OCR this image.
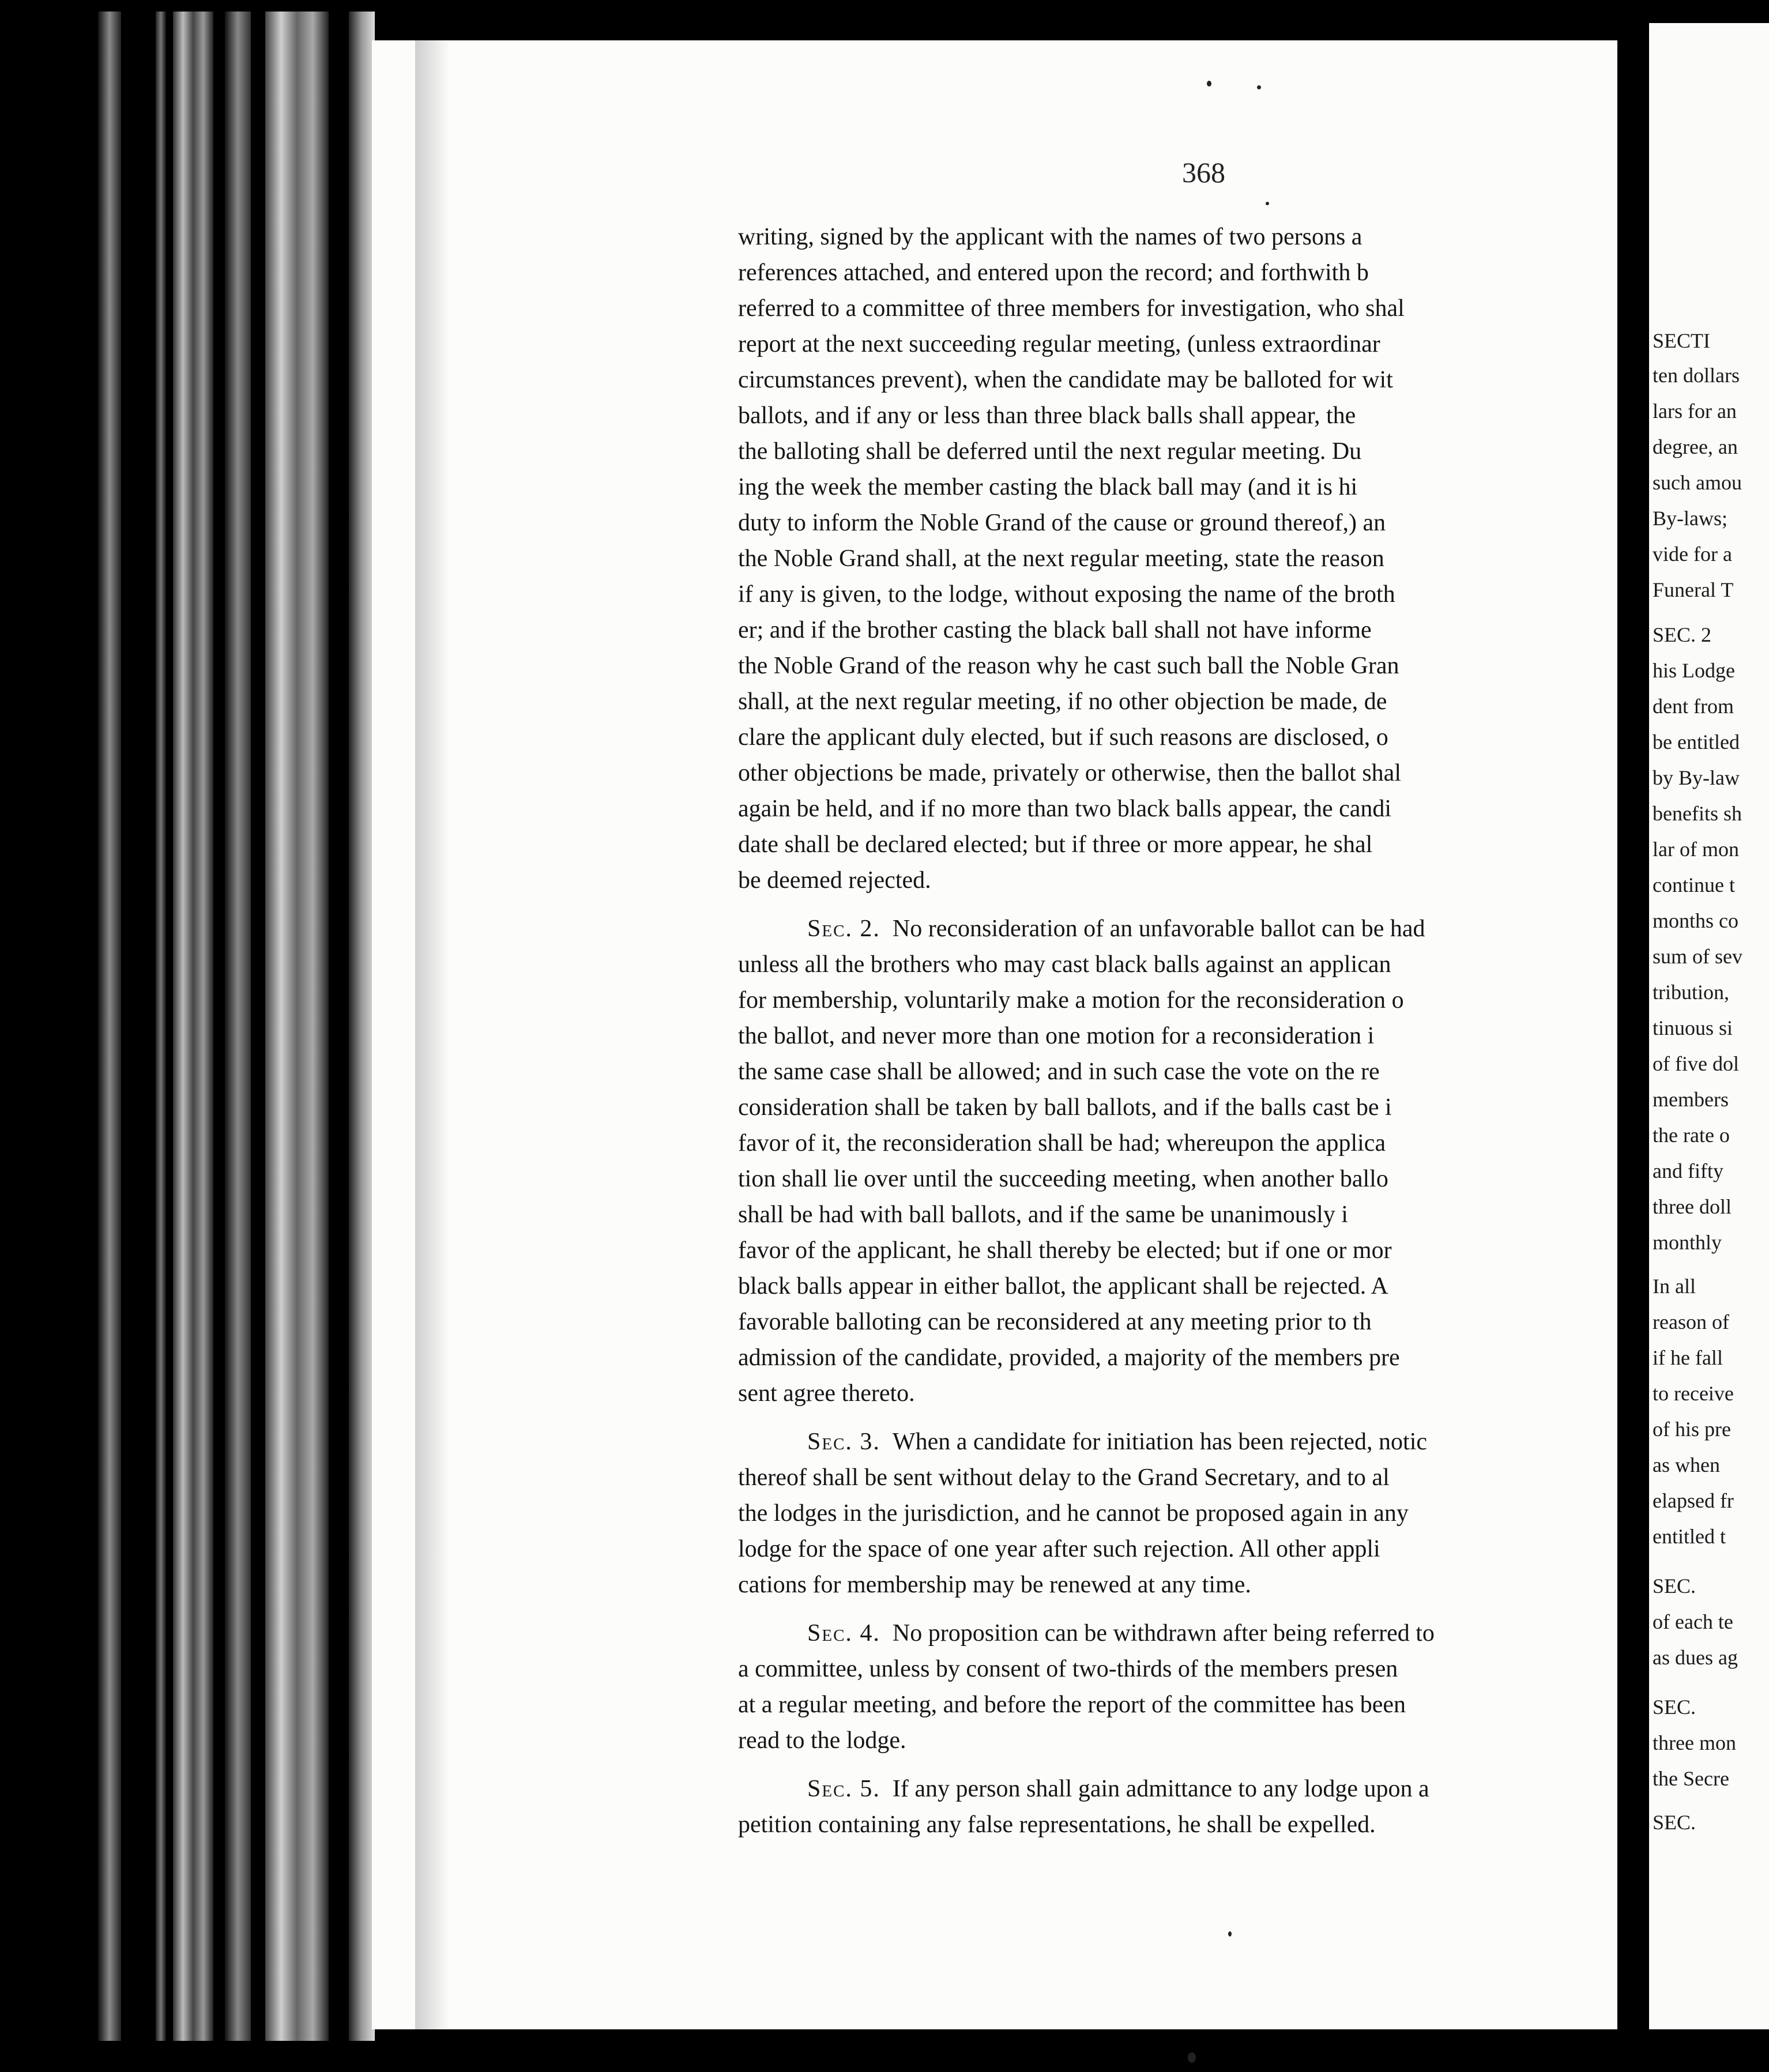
368
writing, signed by the applicant with the names of two persons a
references attached, and entered upon the record; and forthwith b
referred to a committee of three members for investigation, who shal
report at the next succeeding regular meeting, (unless extraordinar
circumstances prevent), when the candidate may be balloted for wit
ballots, and if any or less than three black balls shall appear, the
the balloting shall be deferred until the next regular meeting. Du
ing the week the member casting the black ball may (and it is hi
duty to inform the Noble Grand of the cause or ground thereof,) an
the Noble Grand shall, at the next regular meeting, state the reason
if any is given, to the lodge, without exposing the name of the broth
er; and if the brother casting the black ball shall not have informe
the Noble Grand of the reason why he cast such ball the Noble Gran
shall, at the next regular meeting, if no other objection be made, de
clare the applicant duly elected, but if such reasons are disclosed, o
other objections be made, privately or otherwise, then the ballot shal
again be held, and if no more than two black balls appear, the candi
date shall be declared elected; but if three or more appear, he shal
be deemed rejected.
Sec. 2. No reconsideration of an unfavorable ballot can be had
unless all the brothers who may cast black balls against an applican
for membership, voluntarily make a motion for the reconsideration o
the ballot, and never more than one motion for a reconsideration i
the same case shall be allowed; and in such case the vote on the re
consideration shall be taken by ball ballots, and if the balls cast be i
favor of it, the reconsideration shall be had; whereupon the applica
tion shall lie over until the succeeding meeting, when another ballo
shall be had with ball ballots, and if the same be unanimously i
favor of the applicant, he shall thereby be elected; but if one or mor
black balls appear in either ballot, the applicant shall be rejected. A
favorable balloting can be reconsidered at any meeting prior to th
admission of the candidate, provided, a majority of the members pre
sent agree thereto.
Sec. 3. When a candidate for initiation has been rejected, notic
thereof shall be sent without delay to the Grand Secretary, and to al
the lodges in the jurisdiction, and he cannot be proposed again in any
lodge for the space of one year after such rejection. All other appli
cations for membership may be renewed at any time.
Sec. 4. No proposition can be withdrawn after being referred to
a committee, unless by consent of two-thirds of the members presen
at a regular meeting, and before the report of the committee has been
read to the lodge.
Sec. 5. If any person shall gain admittance to any lodge upon a
petition containing any false representations, he shall be expelled.
SECTI
ten dollars
lars for an
degree, an
such amou
By-laws;
vide for a
Funeral T
SEC. 2
his Lodge
dent from
be entitled
by By-law
benefits sh
lar of mon
continue t
months co
sum of sev
tribution,
tinuous si
of five dol
members
the rate o
and fifty
three doll
monthly
In all
reason of
if he fall
to receive
of his pre
as when
elapsed fr
entitled t
SEC.
of each te
as dues ag
SEC.
three mon
the Secre
SEC.
